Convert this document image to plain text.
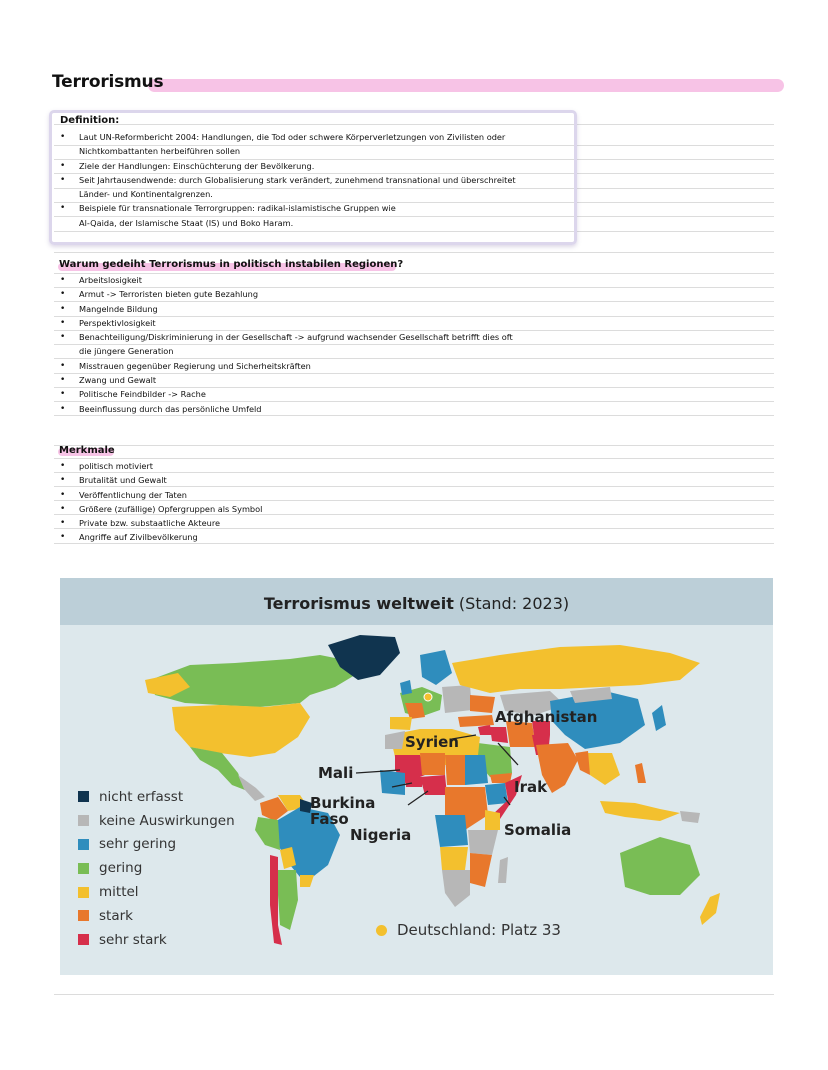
Terrorismus
Definition:
• Laut UN-Reformbericht 2004: Handlungen, die Tod oder schwere Körperverletzungen von Zivilisten oder
Nichtkombattanten herbeiführen sollen
• Ziele der Handlungen: Einschüchterung der Bevölkerung.
• Seit Jahrtausendwende: durch Globalisierung stark verändert, zunehmend transnational und überschreitet
Länder- und Kontinentalgrenzen.
• Beispiele für transnationale Terrorgruppen: radikal-islamistische Gruppen wie
Al-Qaida, der Islamische Staat (IS) und Boko Haram.
Warum gedeiht Terrorismus in politisch instabilen Regionen?
• Arbeitslosigkeit
• Armut -> Terroristen bieten gute Bezahlung
• Mangelnde Bildung
• Perspektivlosigkeit
• Benachteiligung/Diskriminierung in der Gesellschaft -> aufgrund wachsender Gesellschaft betrifft dies oft
die jüngere Generation
• Misstrauen gegenüber Regierung und Sicherheitskräften
• Zwang und Gewalt
• Politische Feindbilder -> Rache
• Beeinflussung durch das persönliche Umfeld
Merkmale
• politisch motiviert
• Brutalität und Gewalt
• Veröffentlichung der Taten
• Größere (zufällige) Opfergruppen als Symbol
• Private bzw. substaatliche Akteure
• Angriffe auf Zivilbevölkerung
Terrorismus weltweit (Stand: 2023)
Afghanistan
Syrien
Mali
Irak
Burkina
Faso
Nigeria	Somalia
nicht erfasst
keine Auswirkungen
sehr gering
gering
mittel
stark
sehr stark
Deutschland: Platz 33
